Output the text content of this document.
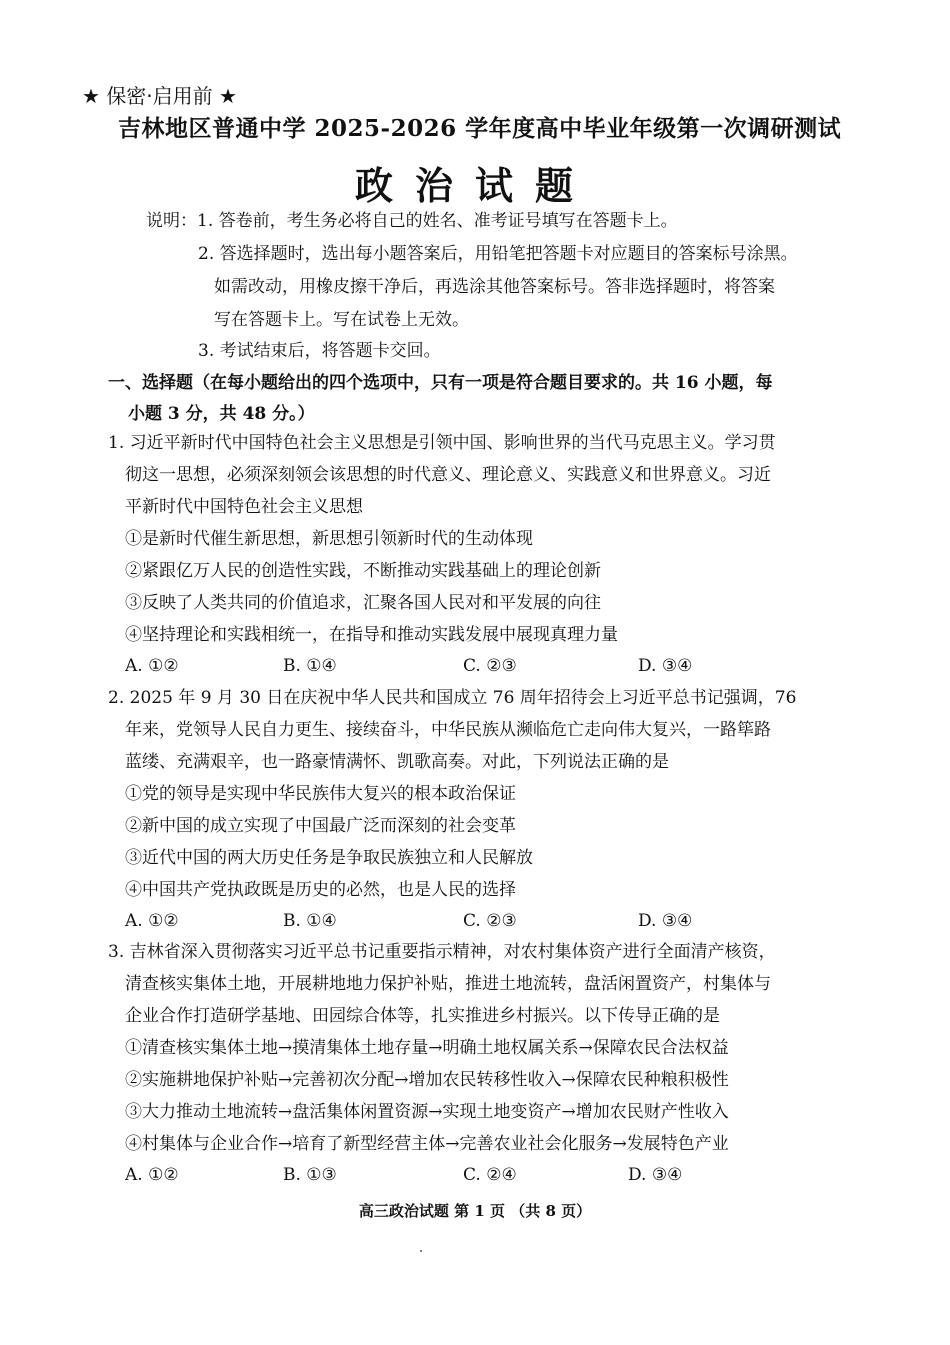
★ 保密·启用前 ★
吉林地区普通中学 2025-2026 学年度高中毕业年级第一次调研测试
政治试题
说明：1. 答卷前，考生务必将自己的姓名、准考证号填写在答题卡上。
2. 答选择题时，选出每小题答案后，用铅笔把答题卡对应题目的答案标号涂黑。
如需改动，用橡皮擦干净后，再选涂其他答案标号。答非选择题时，将答案
写在答题卡上。写在试卷上无效。
3. 考试结束后，将答题卡交回。
一、选择题（在每小题给出的四个选项中，只有一项是符合题目要求的。共 16 小题，每
小题 3 分，共 48 分。）
1. 习近平新时代中国特色社会主义思想是引领中国、影响世界的当代马克思主义。学习贯
彻这一思想，必须深刻领会该思想的时代意义、理论意义、实践意义和世界意义。习近
平新时代中国特色社会主义思想
①是新时代催生新思想，新思想引领新时代的生动体现
②紧跟亿万人民的创造性实践，不断推动实践基础上的理论创新
③反映了人类共同的价值追求，汇聚各国人民对和平发展的向往
④坚持理论和实践相统一，在指导和推动实践发展中展现真理力量
A. ①②	B. ①④	C. ②③	D. ③④
2. 2025 年 9 月 30 日在庆祝中华人民共和国成立 76 周年招待会上习近平总书记强调，76
年来，党领导人民自力更生、接续奋斗，中华民族从濒临危亡走向伟大复兴，一路筚路
蓝缕、充满艰辛，也一路豪情满怀、凯歌高奏。对此，下列说法正确的是
①党的领导是实现中华民族伟大复兴的根本政治保证
②新中国的成立实现了中国最广泛而深刻的社会变革
③近代中国的两大历史任务是争取民族独立和人民解放
④中国共产党执政既是历史的必然，也是人民的选择
A. ①②	B. ①④	C. ②③	D. ③④
3. 吉林省深入贯彻落实习近平总书记重要指示精神，对农村集体资产进行全面清产核资，
清查核实集体土地，开展耕地地力保护补贴，推进土地流转，盘活闲置资产，村集体与
企业合作打造研学基地、田园综合体等，扎实推进乡村振兴。以下传导正确的是
①清查核实集体土地→摸清集体土地存量→明确土地权属关系→保障农民合法权益
②实施耕地保护补贴→完善初次分配→增加农民转移性收入→保障农民种粮积极性
③大力推动土地流转→盘活集体闲置资源→实现土地变资产→增加农民财产性收入
④村集体与企业合作→培育了新型经营主体→完善农业社会化服务→发展特色产业
A. ①②	B. ①③	C. ②④	D. ③④
高三政治试题 第 1 页 （共 8 页）
